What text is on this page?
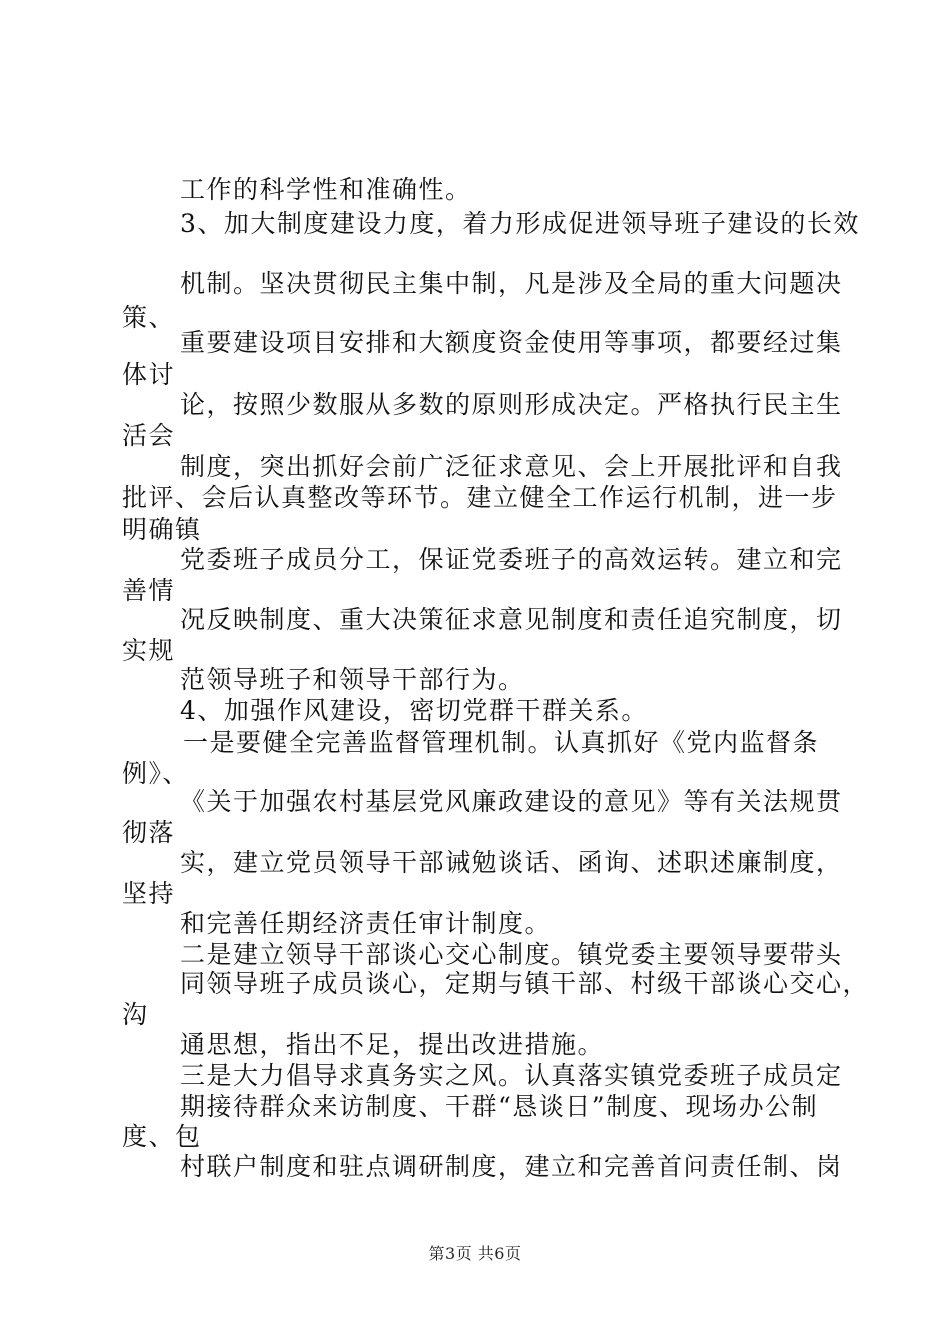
工作的科学性和准确性。
3、加大制度建设力度，着力形成促进领导班子建设的长效
机制。坚决贯彻民主集中制，凡是涉及全局的重大问题决
策、
重要建设项目安排和大额度资金使用等事项，都要经过集
体讨
论，按照少数服从多数的原则形成决定。严格执行民主生
活会
制度，突出抓好会前广泛征求意见、会上开展批评和自我
批评、会后认真整改等环节。建立健全工作运行机制，进一步
明确镇
党委班子成员分工，保证党委班子的高效运转。建立和完
善情
况反映制度、重大决策征求意见制度和责任追究制度，切
实规
范领导班子和领导干部行为。
4、加强作风建设，密切党群干群关系。
一是要健全完善监督管理机制。认真抓好《党内监督条
例》、
《关于加强农村基层党风廉政建设的意见》等有关法规贯
彻落
实，建立党员领导干部诫勉谈话、函询、述职述廉制度，
坚持
和完善任期经济责任审计制度。
二是建立领导干部谈心交心制度。镇党委主要领导要带头
同领导班子成员谈心，定期与镇干部、村级干部谈心交心，
沟
通思想，指出不足，提出改进措施。
三是大力倡导求真务实之风。认真落实镇党委班子成员定
期接待群众来访制度、干群“恳谈日”制度、现场办公制
度、包
村联户制度和驻点调研制度，建立和完善首问责任制、岗
第3页 共6页
